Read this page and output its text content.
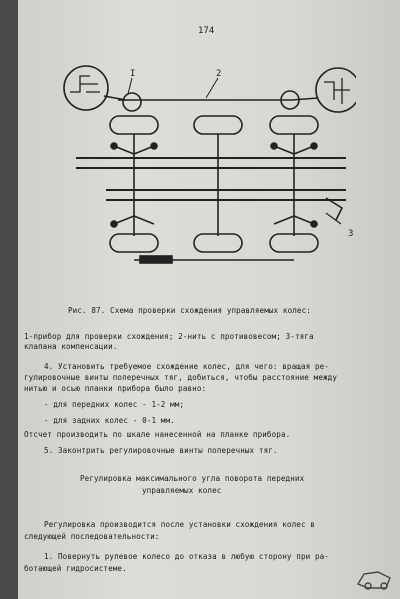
174
I	2
3
Рис. 87. Схема проверки схождения управляемых колес:
1-прибор для проверки схождения; 2-нить с противовесом; 3-тяга
клапана компенсации.
4. Установить требуемое схождение колес, для чего: вращая ре-
гулировочные винты поперечных тяг, добиться, чтобы расстояние между
нитью и осью планки прибора было равно:
- для передних колес - 1-2 мм;
- для задних колес - 0-1 мм.
Отсчет производить по шкале нанесенной на планке прибора.
5. Законтрить регулировочные винты поперечных тяг.
Регулировка максимального угла поворота передних
управляемых колес
Регулировка производится после установки схождения колес в
следующей последовательности:
1. Повернуть рулевое колесо до отказа в любую сторону при ра-
ботающей гидросистеме.
